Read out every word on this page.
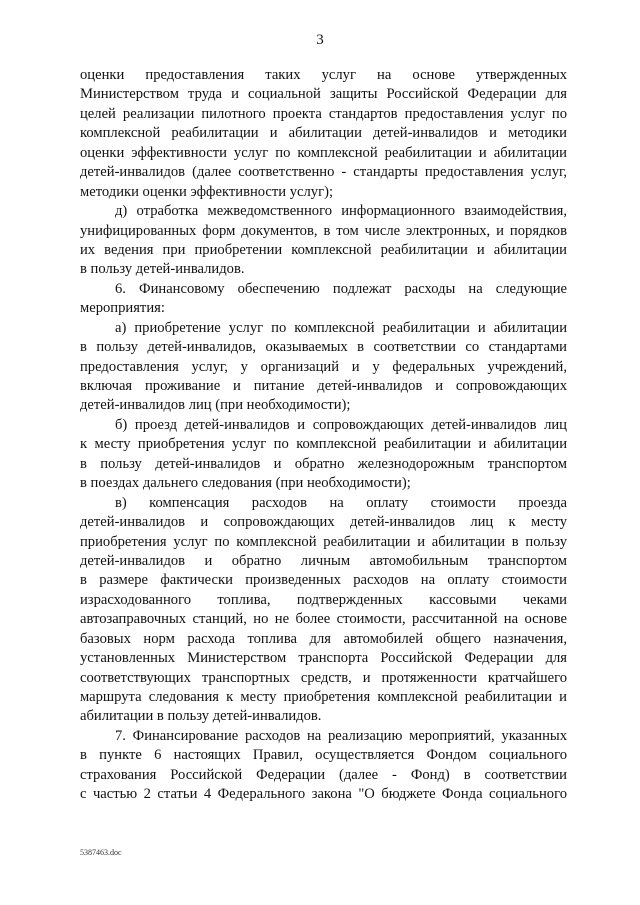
3
оценки предоставления таких услуг на основе утвержденных
Министерством труда и социальной защиты Российской Федерации для
целей реализации пилотного проекта стандартов предоставления услуг по
комплексной реабилитации и абилитации детей-инвалидов и методики
оценки эффективности услуг по комплексной реабилитации и абилитации
детей-инвалидов (далее соответственно - стандарты предоставления услуг,
методики оценки эффективности услуг);
д) отработка межведомственного информационного взаимодействия,
унифицированных форм документов, в том числе электронных, и порядков
их ведения при приобретении комплексной реабилитации и абилитации
в пользу детей-инвалидов.
6. Финансовому обеспечению подлежат расходы на следующие
мероприятия:
а) приобретение услуг по комплексной реабилитации и абилитации
в пользу детей-инвалидов, оказываемых в соответствии со стандартами
предоставления услуг, у организаций и у федеральных учреждений,
включая проживание и питание детей-инвалидов и сопровождающих
детей-инвалидов лиц (при необходимости);
б) проезд детей-инвалидов и сопровождающих детей-инвалидов лиц
к месту приобретения услуг по комплексной реабилитации и абилитации
в пользу детей-инвалидов и обратно железнодорожным транспортом
в поездах дальнего следования (при необходимости);
в) компенсация расходов на оплату стоимости проезда
детей-инвалидов и сопровождающих детей-инвалидов лиц к месту
приобретения услуг по комплексной реабилитации и абилитации в пользу
детей-инвалидов и обратно личным автомобильным транспортом
в размере фактически произведенных расходов на оплату стоимости
израсходованного топлива, подтвержденных кассовыми чеками
автозаправочных станций, но не более стоимости, рассчитанной на основе
базовых норм расхода топлива для автомобилей общего назначения,
установленных Министерством транспорта Российской Федерации для
соответствующих транспортных средств, и протяженности кратчайшего
маршрута следования к месту приобретения комплексной реабилитации и
абилитации в пользу детей-инвалидов.
7. Финансирование расходов на реализацию мероприятий, указанных
в пункте 6 настоящих Правил, осуществляется Фондом социального
страхования Российской Федерации (далее - Фонд) в соответствии
с частью 2 статьи 4 Федерального закона "О бюджете Фонда социального
5387463.doc
